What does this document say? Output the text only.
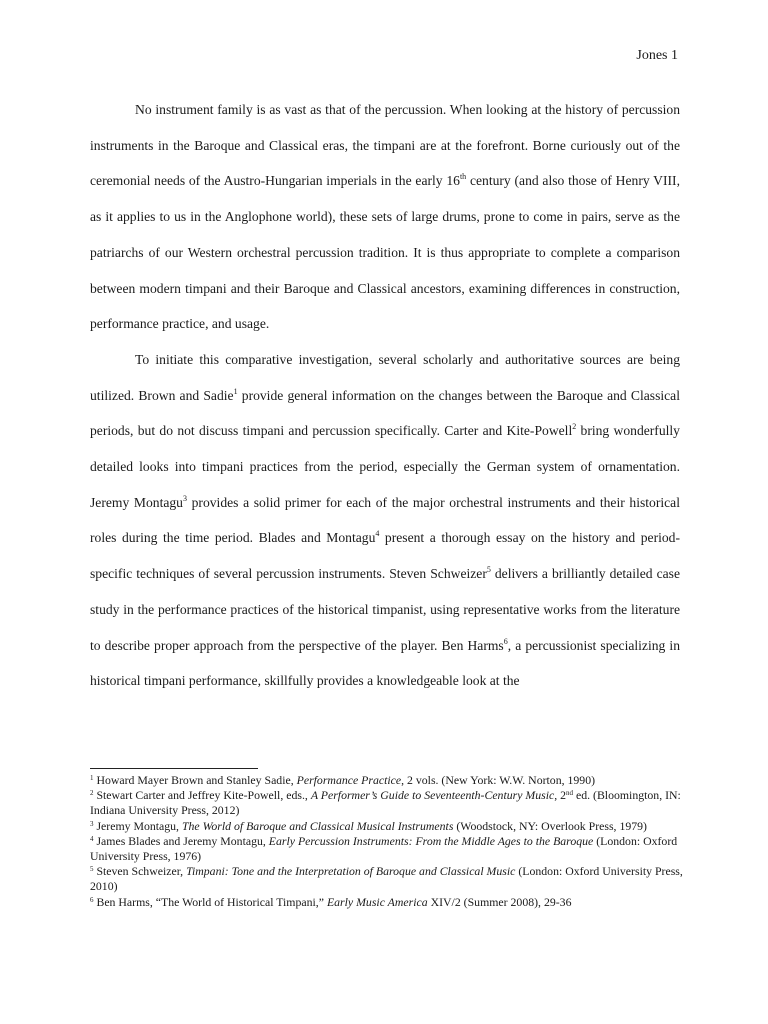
Jones 1

No instrument family is as vast as that of the percussion. When looking at the history of percussion instruments in the Baroque and Classical eras, the timpani are at the forefront. Borne curiously out of the ceremonial needs of the Austro-Hungarian imperials in the early 16th century (and also those of Henry VIII, as it applies to us in the Anglophone world), these sets of large drums, prone to come in pairs, serve as the patriarchs of our Western orchestral percussion tradition. It is thus appropriate to complete a comparison between modern timpani and their Baroque and Classical ancestors, examining differences in construction, performance practice, and usage.

To initiate this comparative investigation, several scholarly and authoritative sources are being utilized. Brown and Sadie$^1$ provide general information on the changes between the Baroque and Classical periods, but do not discuss timpani and percussion specifically. Carter and Kite-Powell$^2$ bring wonderfully detailed looks into timpani practices from the period, especially the German system of ornamentation. Jeremy Montagu$^3$ provides a solid primer for each of the major orchestral instruments and their historical roles during the time period. Blades and Montagu$^4$ present a thorough essay on the history and period-specific techniques of several percussion instruments. Steven Schweizer$^5$ delivers a brilliantly detailed case study in the performance practices of the historical timpanist, using representative works from the literature to describe proper approach from the perspective of the player. Ben Harms$^6$, a percussionist specializing in historical timpani performance, skillfully provides a knowledgeable look at the

$^1$ Howard Mayer Brown and Stanley Sadie, Performance Practice, 2 vols. (New York: W.W. Norton, 1990)

$^2$ Stewart Carter and Jeffrey Kite-Powell, eds., A Performer’s Guide to Seventeenth-Century Music, 2nd ed. (Bloomington, IN: Indiana University Press, 2012)

$^3$ Jeremy Montagu, The World of Baroque and Classical Musical Instruments (Woodstock, NY: Overlook Press, 1979)

$^4$ James Blades and Jeremy Montagu, Early Percussion Instruments: From the Middle Ages to the Baroque (London: Oxford University Press, 1976)

$^5$ Steven Schweizer, Timpani: Tone and the Interpretation of Baroque and Classical Music (London: Oxford University Press, 2010)

$^6$ Ben Harms, “The World of Historical Timpani,” Early Music America XIV/2 (Summer 2008), 29-36
